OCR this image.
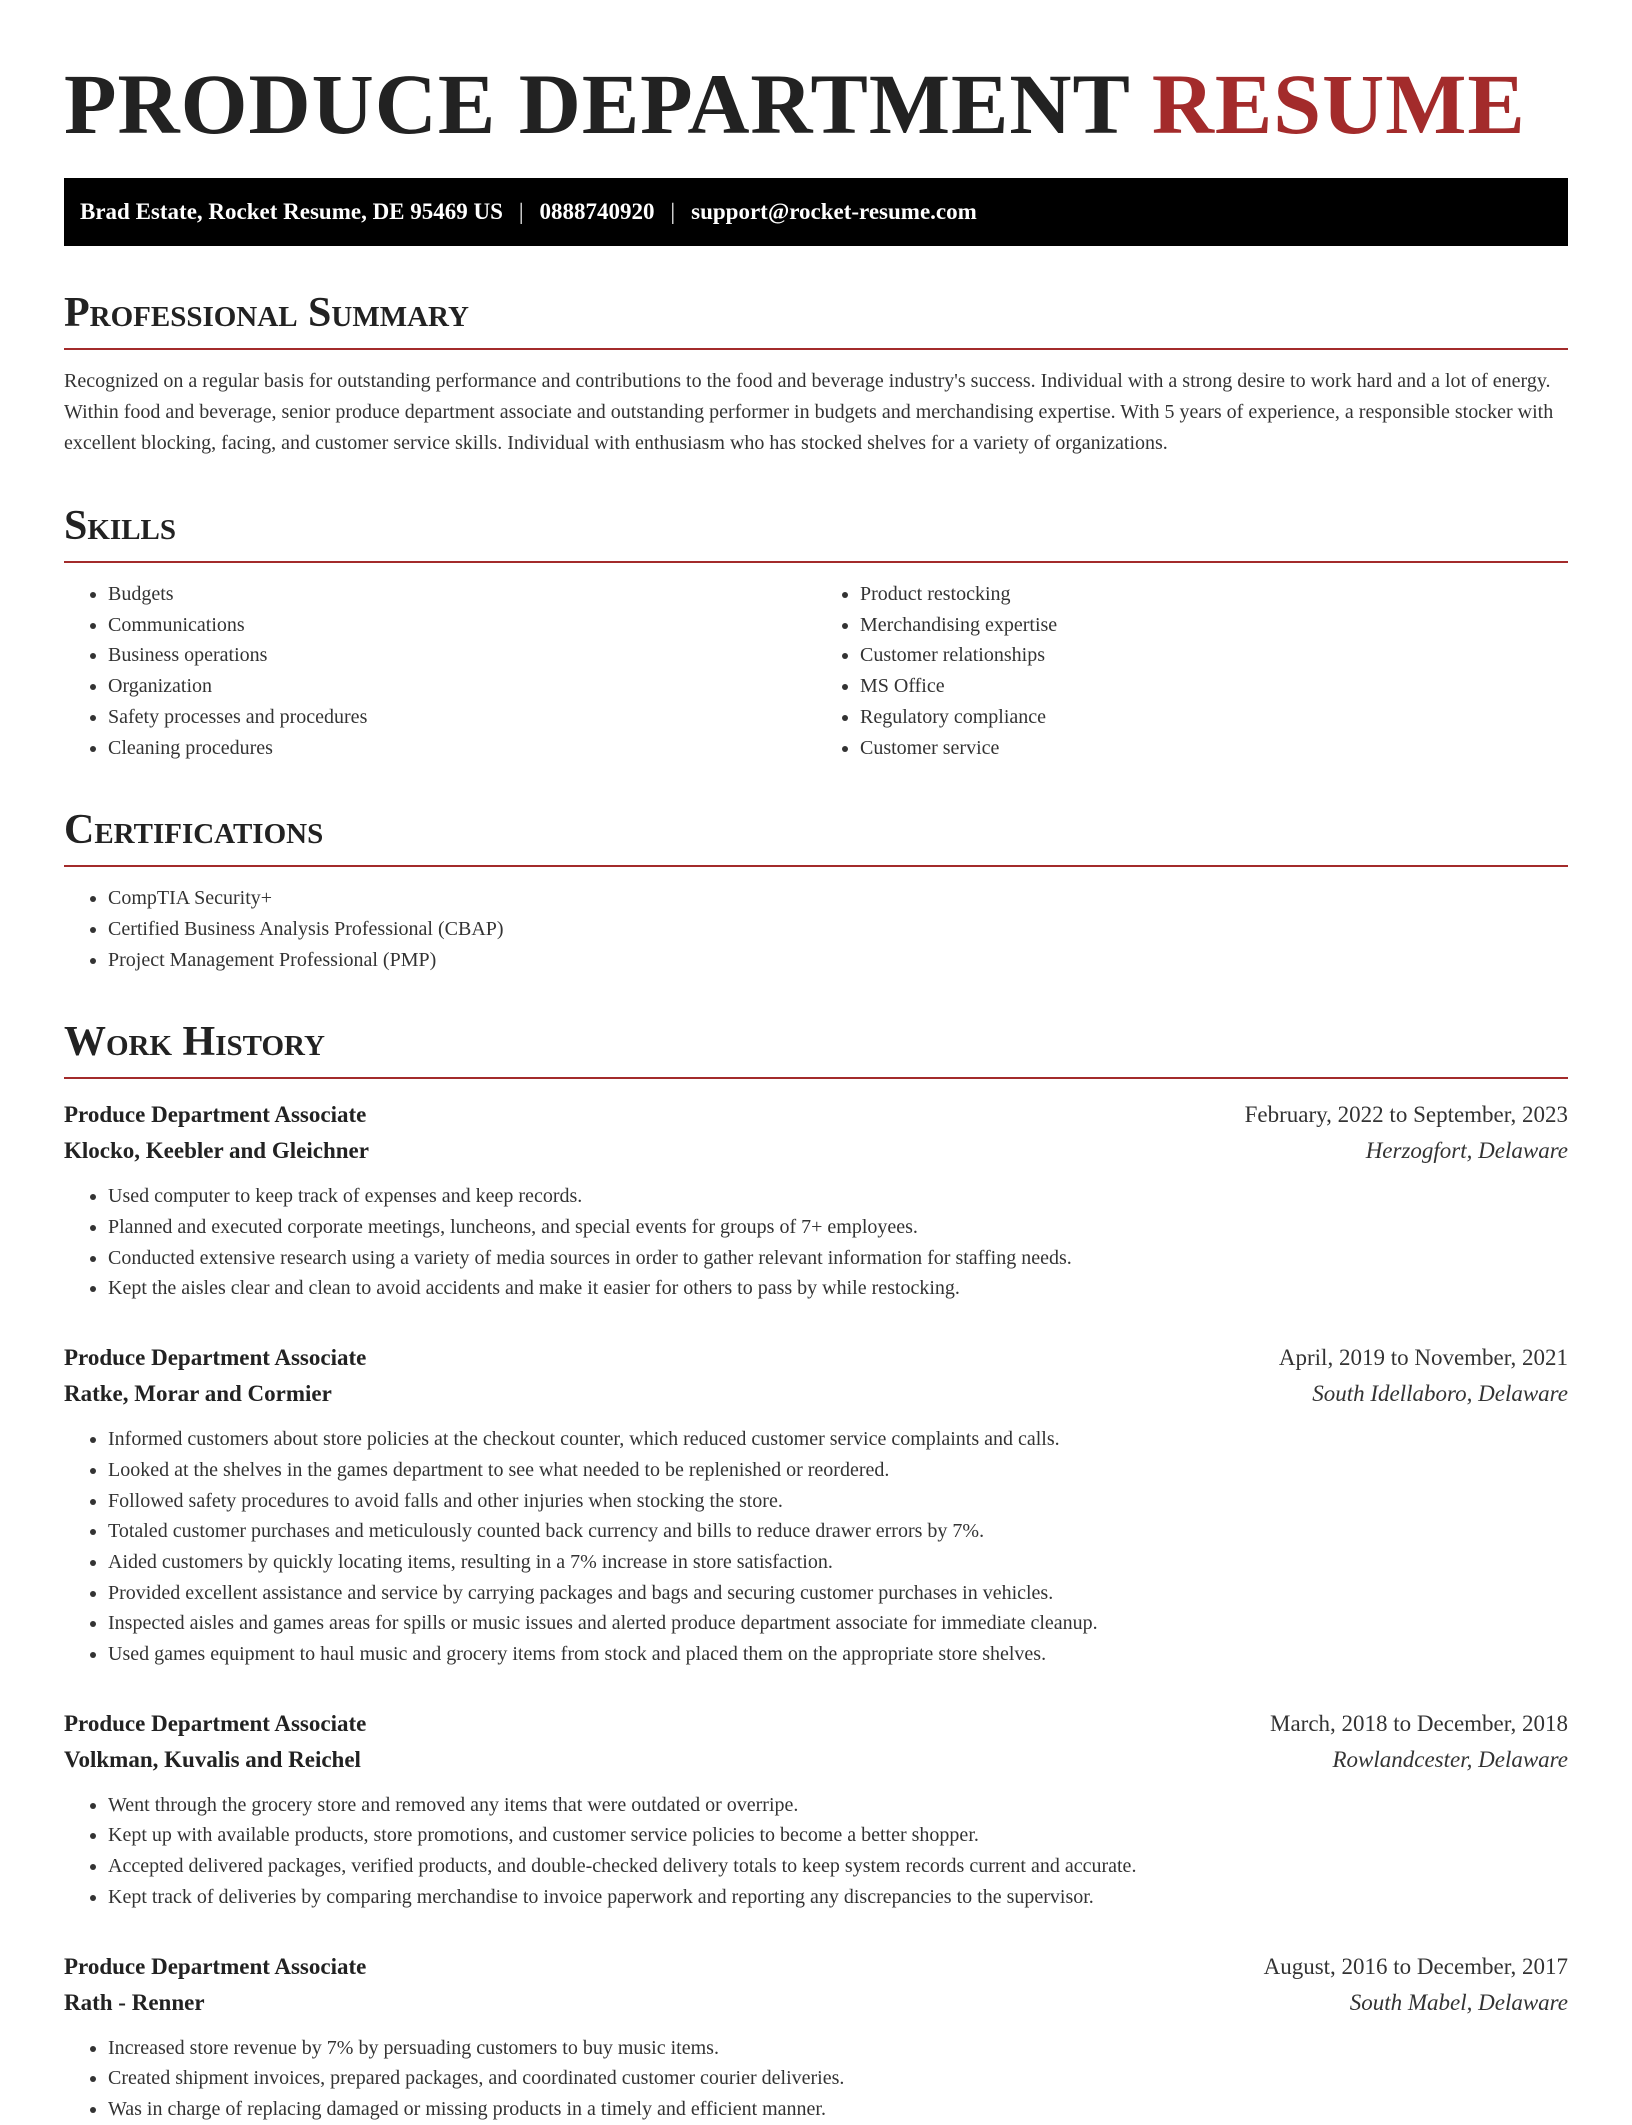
PRODUCE DEPARTMENT RESUME
Brad Estate, Rocket Resume, DE 95469 US | 0888740920 | support@rocket-resume.com
Professional Summary

Recognized on a regular basis for outstanding performance and contributions to the food and beverage industry's success. Individual with a strong desire to work hard and a lot of energy. Within food and beverage, senior produce department associate and outstanding performer in budgets and merchandising expertise. With 5 years of experience, a responsible stocker with excellent blocking, facing, and customer service skills. Individual with enthusiasm who has stocked shelves for a variety of organizations.

Skills
• Budgets
• Communications
• Business operations
• Organization
• Safety processes and procedures
• Cleaning procedures
• Product restocking
• Merchandising expertise
• Customer relationships
• MS Office
• Regulatory compliance
• Customer service
Certifications
• CompTIA Security+
• Certified Business Analysis Professional (CBAP)
• Project Management Professional (PMP)
Work History
Produce Department Associate	February, 2022 to September, 2023
Klocko, Keebler and Gleichner	Herzogfort, Delaware
• Used computer to keep track of expenses and keep records.
• Planned and executed corporate meetings, luncheons, and special events for groups of 7+ employees.
• Conducted extensive research using a variety of media sources in order to gather relevant information for staffing needs.
• Kept the aisles clear and clean to avoid accidents and make it easier for others to pass by while restocking.
Produce Department Associate	April, 2019 to November, 2021
Ratke, Morar and Cormier	South Idellaboro, Delaware
• Informed customers about store policies at the checkout counter, which reduced customer service complaints and calls.
• Looked at the shelves in the games department to see what needed to be replenished or reordered.
• Followed safety procedures to avoid falls and other injuries when stocking the store.
• Totaled customer purchases and meticulously counted back currency and bills to reduce drawer errors by 7%.
• Aided customers by quickly locating items, resulting in a 7% increase in store satisfaction.
• Provided excellent assistance and service by carrying packages and bags and securing customer purchases in vehicles.
• Inspected aisles and games areas for spills or music issues and alerted produce department associate for immediate cleanup.
• Used games equipment to haul music and grocery items from stock and placed them on the appropriate store shelves.
Produce Department Associate	March, 2018 to December, 2018
Volkman, Kuvalis and Reichel	Rowlandcester, Delaware
• Went through the grocery store and removed any items that were outdated or overripe.
• Kept up with available products, store promotions, and customer service policies to become a better shopper.
• Accepted delivered packages, verified products, and double-checked delivery totals to keep system records current and accurate.
• Kept track of deliveries by comparing merchandise to invoice paperwork and reporting any discrepancies to the supervisor.
Produce Department Associate	August, 2016 to December, 2017
Rath - Renner	South Mabel, Delaware
• Increased store revenue by 7% by persuading customers to buy music items.
• Created shipment invoices, prepared packages, and coordinated customer courier deliveries.
• Was in charge of replacing damaged or missing products in a timely and efficient manner.
